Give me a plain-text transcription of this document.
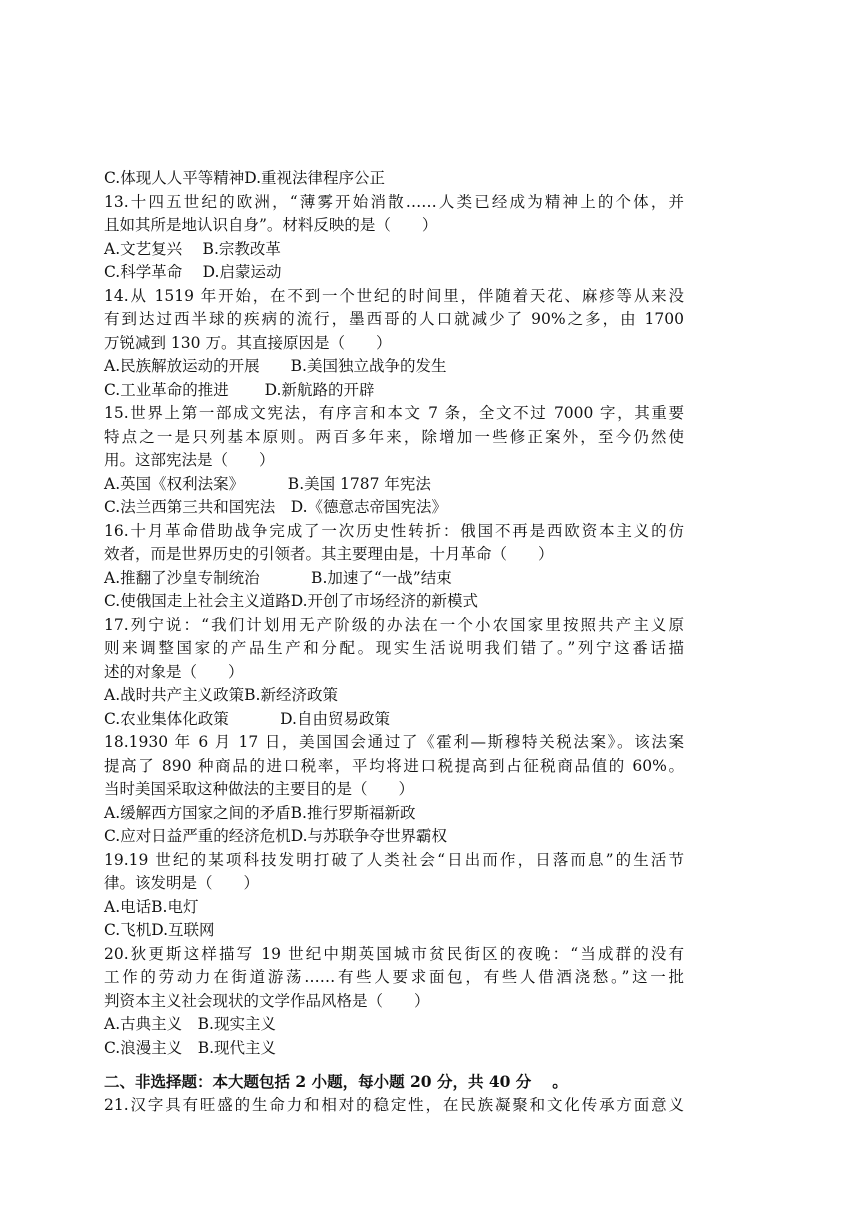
C.体现人人平等精神D.重视法律程序公正
13.十四五世纪的欧洲，“薄雾开始消散……人类已经成为精神上的个体，并
且如其所是地认识自身”。材料反映的是（　　）
A.文艺复兴　 B.宗教改革
C.科学革命　 D.启蒙运动
14.从 1519 年开始，在不到一个世纪的时间里，伴随着天花、麻疹等从来没
有到达过西半球的疾病的流行，墨西哥的人口就减少了 90%之多，由 1700
万锐减到 130 万。其直接原因是（　　）
A.民族解放运动的开展　　B.美国独立战争的发生
C.工业革命的推进　　 D.新航路的开辟
15.世界上第一部成文宪法，有序言和本文 7 条，全文不过 7000 字，其重要
特点之一是只列基本原则。两百多年来，除增加一些修正案外，至今仍然使
用。这部宪法是（　　）
A.英国《权利法案》　　　 B.美国 1787 年宪法
C.法兰西第三共和国宪法　D.《德意志帝国宪法》
16.十月革命借助战争完成了一次历史性转折：俄国不再是西欧资本主义的仿
效者，而是世界历史的引领者。其主要理由是，十月革命（　　）
A.推翻了沙皇专制统治　　　 B.加速了“一战”结束
C.使俄国走上社会主义道路D.开创了市场经济的新模式
17.列宁说：“我们计划用无产阶级的办法在一个小农国家里按照共产主义原
则来调整国家的产品生产和分配。现实生活说明我们错了。”列宁这番话描
述的对象是（　　）
A.战时共产主义政策B.新经济政策
C.农业集体化政策　　　 D.自由贸易政策
18.1930 年 6 月 17 日，美国国会通过了《霍利—斯穆特关税法案》。该法案
提高了 890 种商品的进口税率，平均将进口税提高到占征税商品值的 60%。
当时美国采取这种做法的主要目的是（　　）
A.缓解西方国家之间的矛盾B.推行罗斯福新政
C.应对日益严重的经济危机D.与苏联争夺世界霸权
19.19 世纪的某项科技发明打破了人类社会“日出而作，日落而息”的生活节
律。该发明是（　　）
A.电话B.电灯
C.飞机D.互联网
20.狄更斯这样描写 19 世纪中期英国城市贫民街区的夜晚：“当成群的没有
工作的劳动力在街道游荡……有些人要求面包，有些人借酒浇愁。”这一批
判资本主义社会现状的文学作品风格是（　　）
A.古典主义　B.现实主义
C.浪漫主义　B.现代主义
二、非选择题：本大题包括 2 小题，每小题 20 分，共 40 分　 。
21.汉字具有旺盛的生命力和相对的稳定性，在民族凝聚和文化传承方面意义
